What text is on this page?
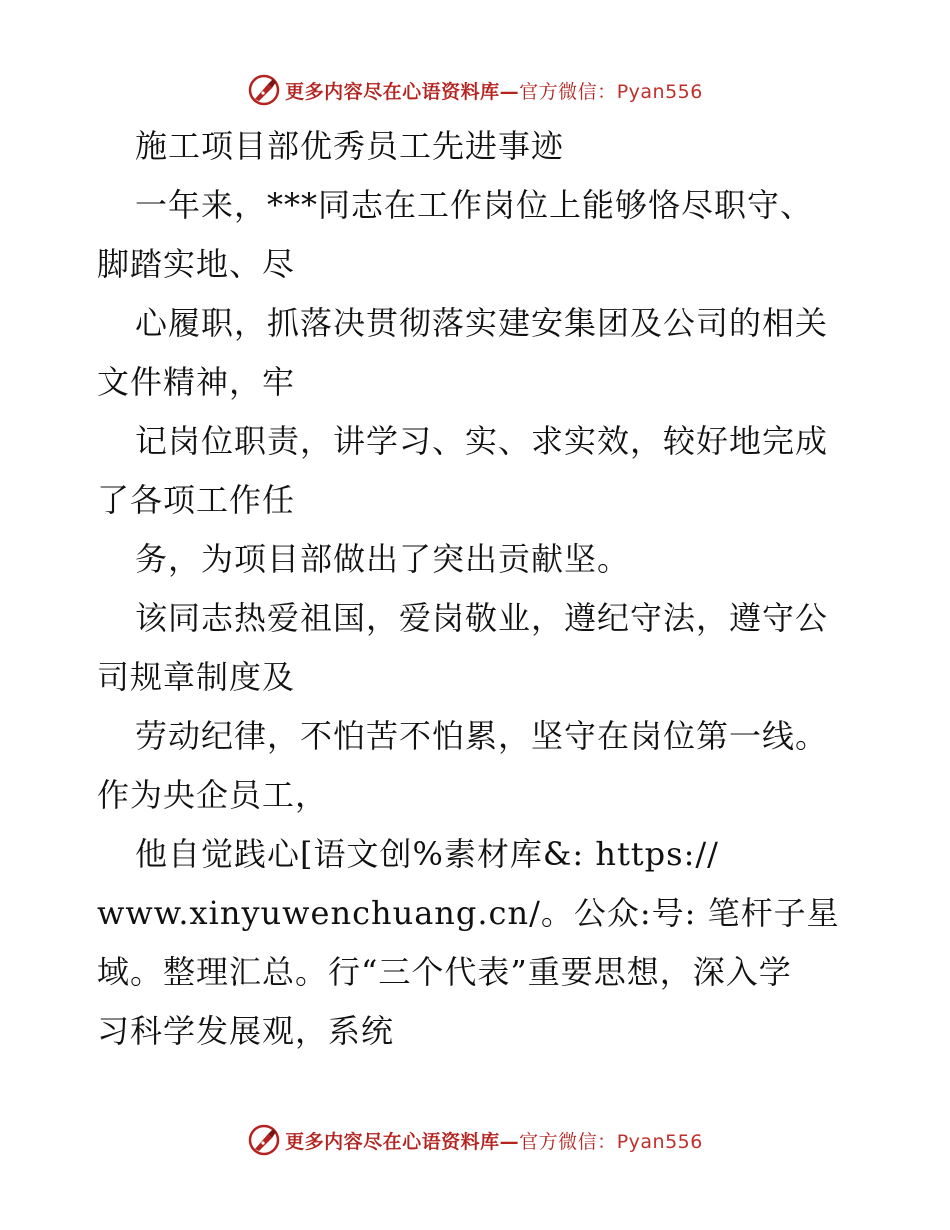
更多内容尽在心语资料库—官方微信：Pyan556
施工项目部优秀员工先进事迹
一年来，***同志在工作岗位上能够恪尽职守、
脚踏实地、尽
心履职，抓落决贯彻落实建安集团及公司的相关
文件精神，牢
记岗位职责，讲学习、实、求实效，较好地完成
了各项工作任
务，为项目部做出了突出贡献坚。
该同志热爱祖国，爱岗敬业，遵纪守法，遵守公
司规章制度及
劳动纪律，不怕苦不怕累，坚守在岗位第一线。
作为央企员工，
他自觉践心[语文创%素材库&: https://
www.xinyuwenchuang.cn/。公众:号: 笔杆子星
域。整理汇总。行“三个代表”重要思想，深入学
习科学发展观，系统
更多内容尽在心语资料库—官方微信：Pyan556
